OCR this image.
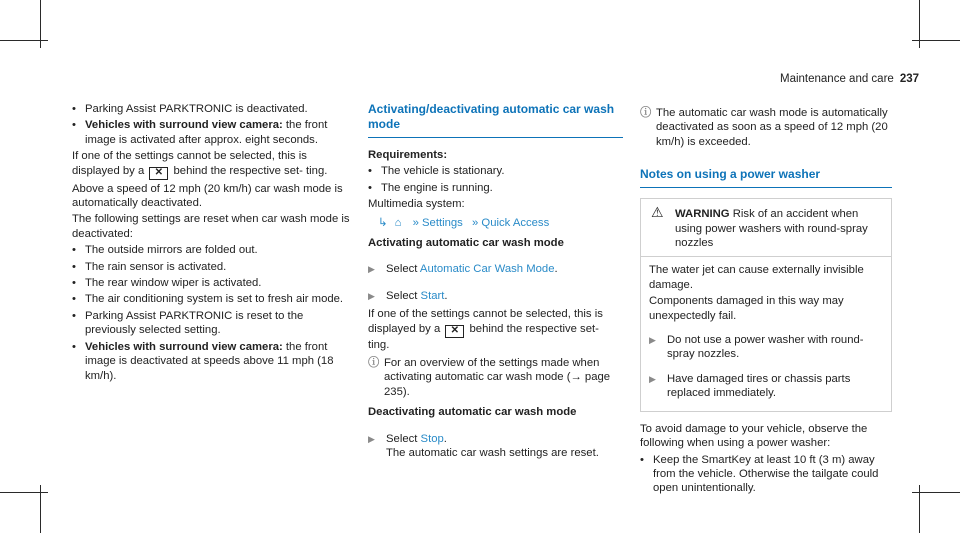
Maintenance and care 237
• Parking Assist PARKTRONIC is deactivated.
• Vehicles with surround view camera: the front image is activated after approx. eight seconds.

If one of the settings cannot be selected, this is displayed by a ✕ behind the respective set- ting.

Above a speed of 12 mph (20 km/h) car wash mode is automatically deactivated.

The following settings are reset when car wash mode is deactivated:

• The outside mirrors are folded out.
• The rain sensor is activated.
• The rear window wiper is activated.
• The air conditioning system is set to fresh air mode.
• Parking Assist PARKTRONIC is reset to the previously selected setting.
• Vehicles with surround view camera: the front image is deactivated at speeds above 11 mph (18 km/h).
Activating/deactivating automatic car wash mode

Requirements:

• The vehicle is stationary.
• The engine is running.

Multimedia system:

↳ ⌂ » Settings » Quick Access

Activating automatic car wash mode

▶ Select Automatic Car Wash Mode.
▶ Select Start.

If one of the settings cannot be selected, this is displayed by a ✕ behind the respective set- ting.

ⓘ For an overview of the settings made when activating automatic car wash mode (→ page 235).

Deactivating automatic car wash mode

▶ Select Stop.
The automatic car wash settings are reset.
ⓘ The automatic car wash mode is automatically deactivated as soon as a speed of 12 mph (20 km/h) is exceeded.
Notes on using a power washer
⚠ WARNING Risk of an accident when using power washers with round-spray nozzles

The water jet can cause externally invisible damage.

Components damaged in this way may unexpectedly fail.

▶ Do not use a power washer with round-spray nozzles.
▶ Have damaged tires or chassis parts replaced immediately.

To avoid damage to your vehicle, observe the following when using a power washer:

• Keep the SmartKey at least 10 ft (3 m) away from the vehicle. Otherwise the tailgate could open unintentionally.
